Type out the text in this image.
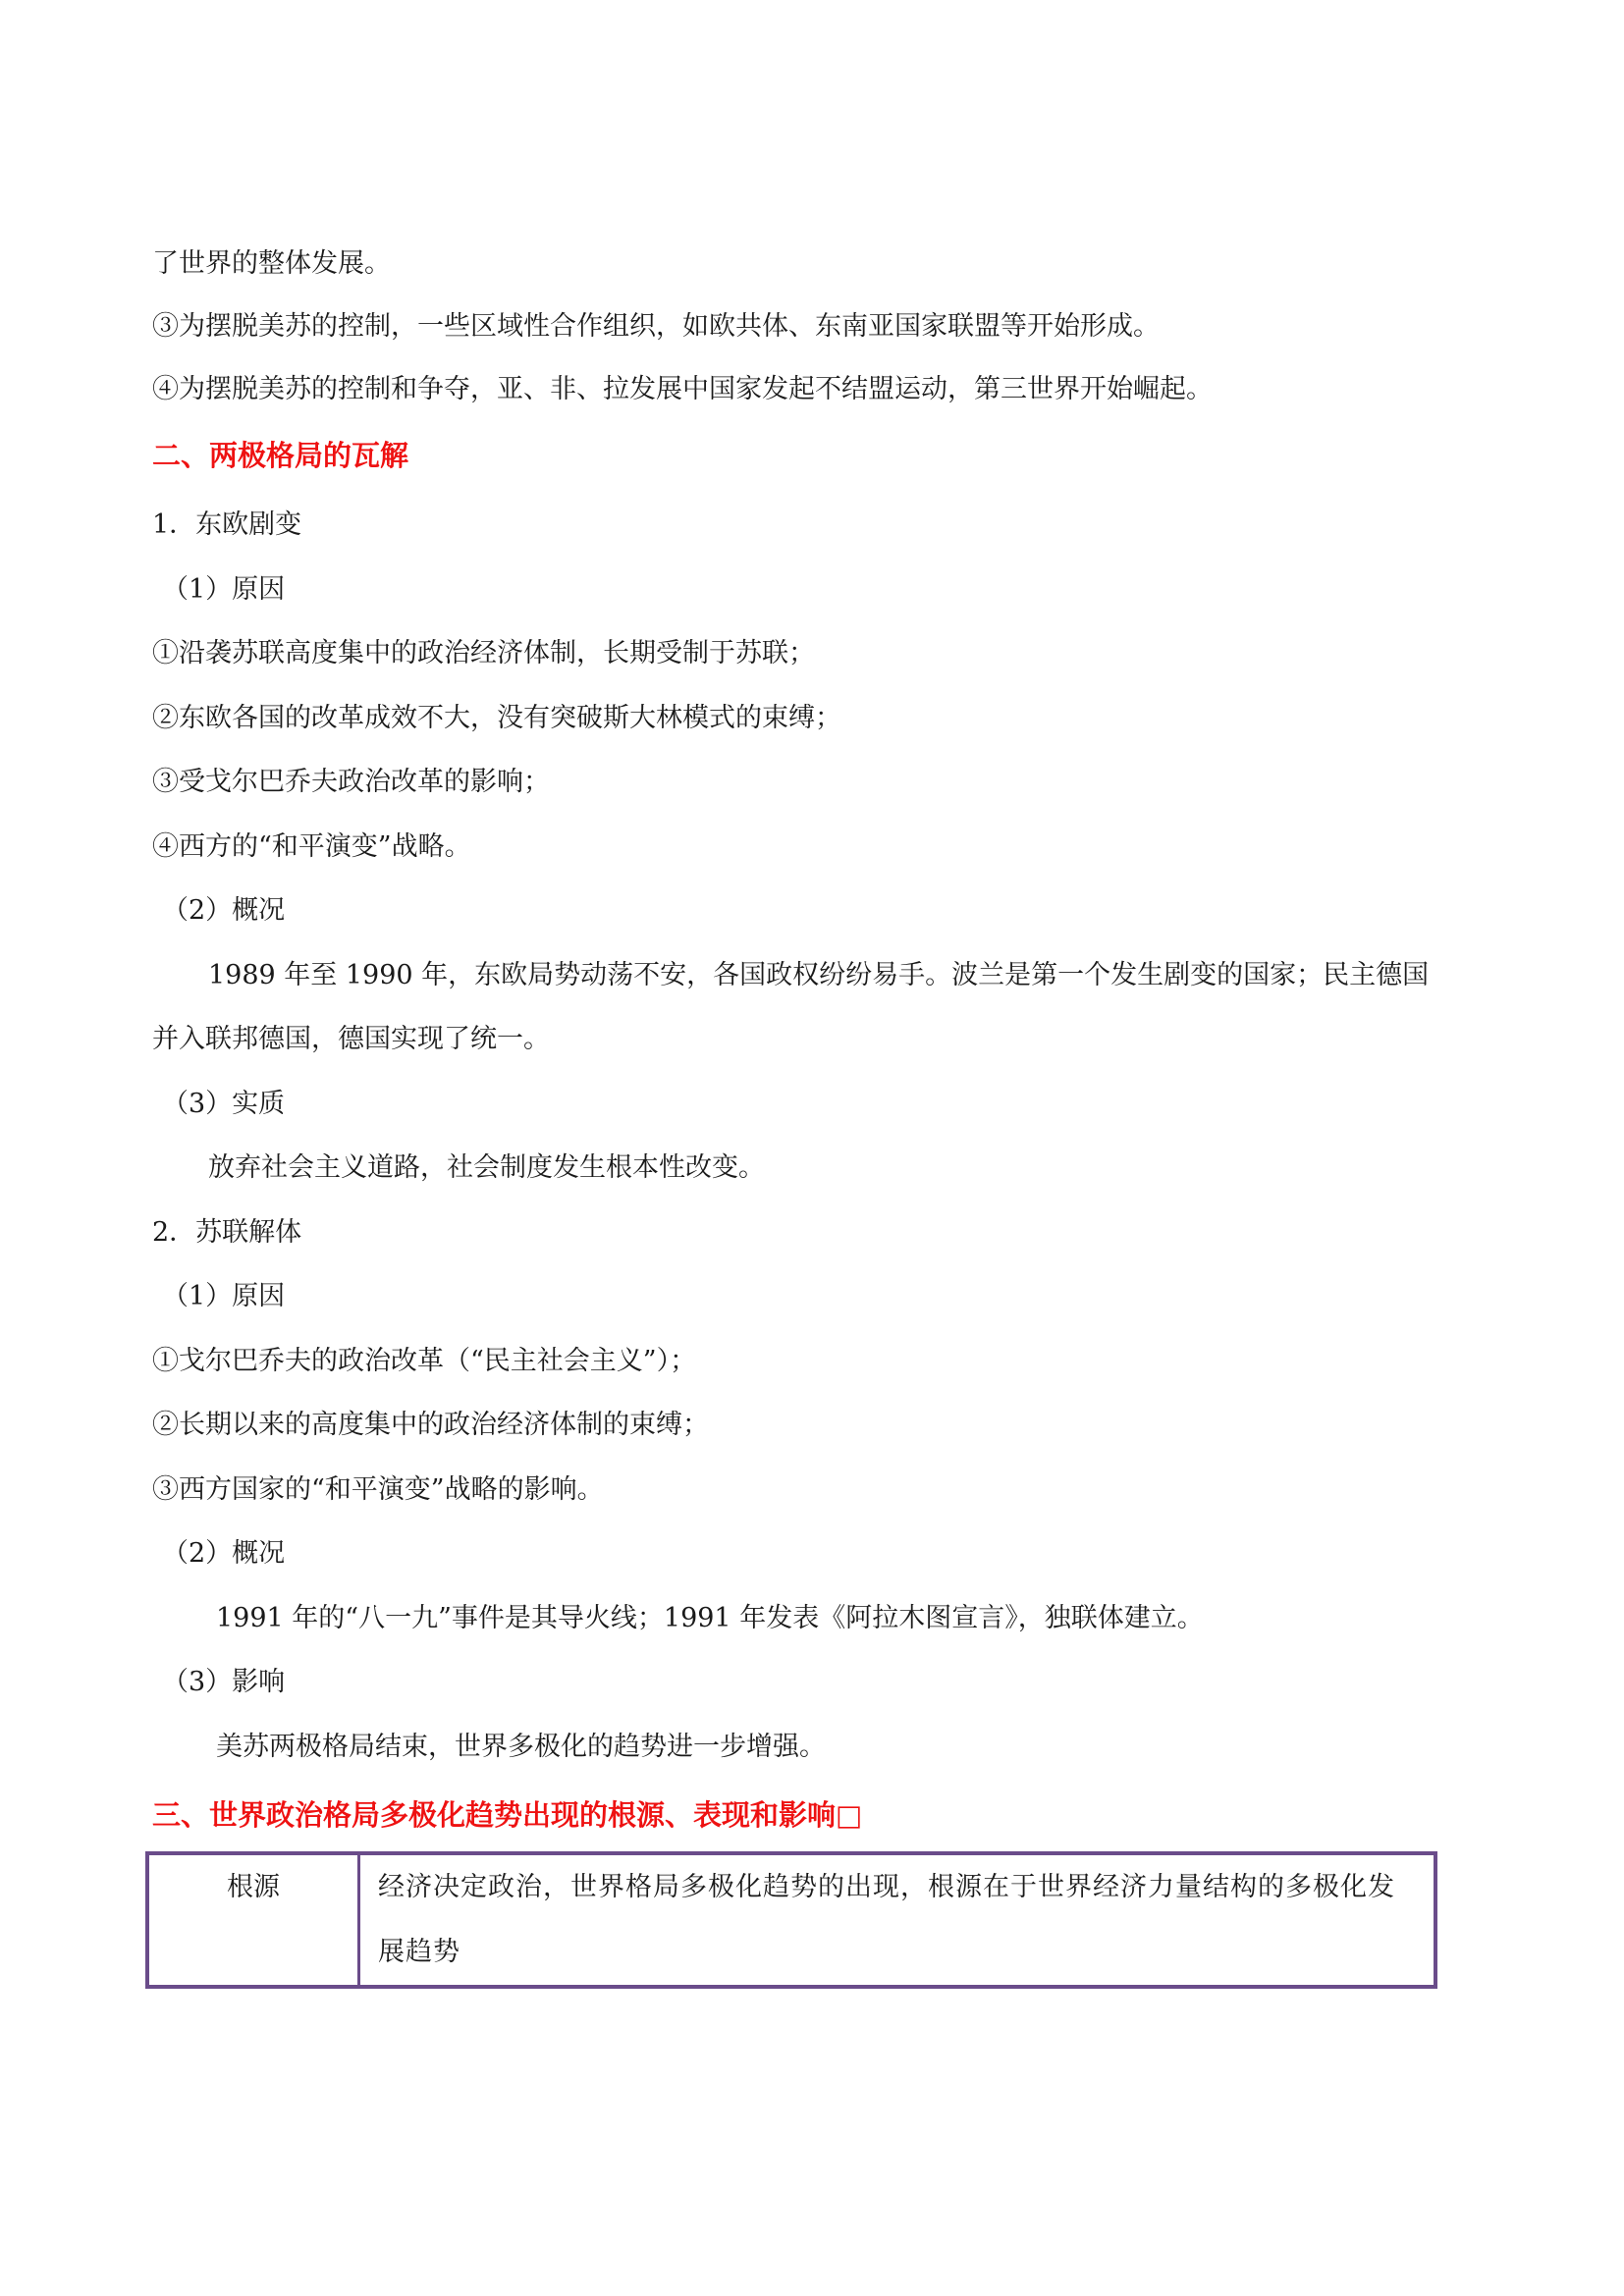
了世界的整体发展。
③为摆脱美苏的控制，一些区域性合作组织，如欧共体、东南亚国家联盟等开始形成。
④为摆脱美苏的控制和争夺，亚、非、拉发展中国家发起不结盟运动，第三世界开始崛起。
二、两极格局的瓦解
1．东欧剧变
（1）原因
①沿袭苏联高度集中的政治经济体制，长期受制于苏联；
②东欧各国的改革成效不大，没有突破斯大林模式的束缚；
③受戈尔巴乔夫政治改革的影响；
④西方的“和平演变”战略。
（2）概况
1989 年至 1990 年，东欧局势动荡不安，各国政权纷纷易手。波兰是第一个发生剧变的国家；民主德国
并入联邦德国，德国实现了统一。
（3）实质
放弃社会主义道路，社会制度发生根本性改变。
2．苏联解体
（1）原因
①戈尔巴乔夫的政治改革（“民主社会主义”）；
②长期以来的高度集中的政治经济体制的束缚；
③西方国家的“和平演变”战略的影响。
（2）概况
1991 年的“八一九”事件是其导火线；1991 年发表《阿拉木图宣言》，独联体建立。
（3）影响
美苏两极格局结束，世界多极化的趋势进一步增强。
三、世界政治格局多极化趋势出现的根源、表现和影响□
根源	经济决定政治，世界格局多极化趋势的出现，根源在于世界经济力量结构的多极化发展趋势
